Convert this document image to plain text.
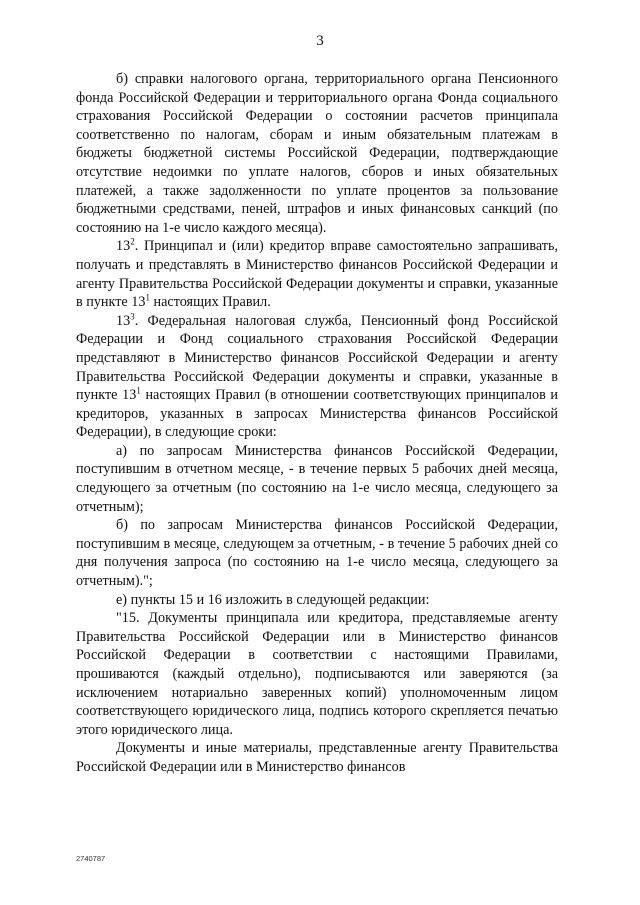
3

б) справки налогового органа, территориального органа Пенсионного фонда Российской Федерации и территориального органа Фонда социального страхования Российской Федерации о состоянии расчетов принципала соответственно по налогам, сборам и иным обязательным платежам в бюджеты бюджетной системы Российской Федерации, подтверждающие отсутствие недоимки по уплате налогов, сборов и иных обязательных платежей, а также задолженности по уплате процентов за пользование бюджетными средствами, пеней, штрафов и иных финансовых санкций (по состоянию на 1-е число каждого месяца).

$13^2$. Принципал и (или) кредитор вправе самостоятельно запрашивать, получать и представлять в Министерство финансов Российской Федерации и агенту Правительства Российской Федерации документы и справки, указанные в пункте $13^1$ настоящих Правил.

$13^3$. Федеральная налоговая служба, Пенсионный фонд Российской Федерации и Фонд социального страхования Российской Федерации представляют в Министерство финансов Российской Федерации и агенту Правительства Российской Федерации документы и справки, указанные в пункте $13^1$ настоящих Правил (в отношении соответствующих принципалов и кредиторов, указанных в запросах Министерства финансов Российской Федерации), в следующие сроки:

а) по запросам Министерства финансов Российской Федерации, поступившим в отчетном месяце, - в течение первых 5 рабочих дней месяца, следующего за отчетным (по состоянию на 1-е число месяца, следующего за отчетным);

б) по запросам Министерства финансов Российской Федерации, поступившим в месяце, следующем за отчетным, - в течение 5 рабочих дней со дня получения запроса (по состоянию на 1-е число месяца, следующего за отчетным).";

е) пункты 15 и 16 изложить в следующей редакции:

"15. Документы принципала или кредитора, представляемые агенту Правительства Российской Федерации или в Министерство финансов Российской Федерации в соответствии с настоящими Правилами, прошиваются (каждый отдельно), подписываются или заверяются (за исключением нотариально заверенных копий) уполномоченным лицом соответствующего юридического лица, подпись которого скрепляется печатью этого юридического лица.

Документы и иные материалы, представленные агенту Правительства Российской Федерации или в Министерство финансов

2740787
